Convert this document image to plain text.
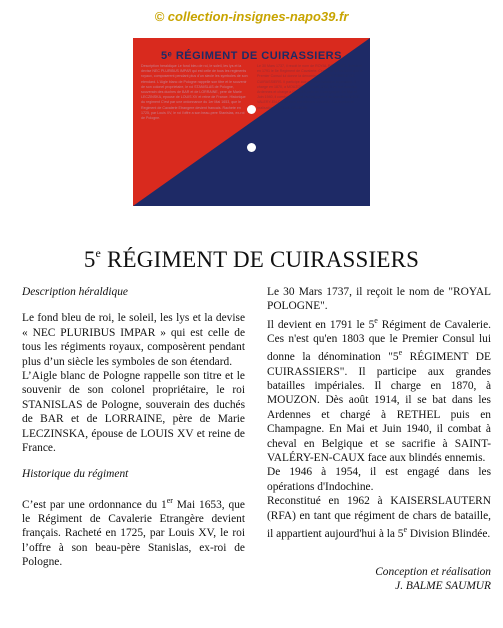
© collection-insignes-napo39.fr
5ᵉ RÉGIMENT DE CUIRASSIERS
Description heraldique Le fond bleu de roi, le soleil, les lys et la devise NEC PLURIBUS IMPAR qui est celle de tous les regiments royaux, composerent pendant plus d'un siecle les symboles de son etendard. L'Aigle blanc de Pologne rappelle son titre et le souvenir de son colonel proprietaire, le roi STANISLAS de Pologne, souverain des duches de BAR et de LORRAINE, pere de Marie LECZINSKA, epouse de LOUIS XV et reine de France. Historique du regiment C'est par une ordonnance du 1er Mai 1653, que le Regiment de Cavalerie Etrangere devient francais. Rachete en 1725, par Louis XV, le roi l'offre a son beau-pere Stanislas, ex-roi de Pologne.
Le 30 Mars 1737, il recoit le nom de ROYAL POLOGNE. Il devient en 1791 le 5e Regiment de Cavalerie. Ces n'est qu'en 1803 que le Premier Consul lui donne la denomination 5e REGIMENT DE CUIRASSIERS. Il participe aux grandes batailles imperiales. Il charge en 1870, a MOUZON. Des aout 1914, il se bat dans les Ardennes et charge a RETHEL puis en Champagne. En Mai et Juin 1940, il combat a cheval en Belgique et se sacrifie a SAINT-VALERY-EN-CAUX face aux blindes ennemis. Conception et realisation J. BALME SAUMUR
5e RÉGIMENT DE CUIRASSIERS

Description héraldique

Le fond bleu de roi, le soleil, les lys et la devise « NEC PLURIBUS IMPAR » qui est celle de tous les régiments royaux, composèrent pendant plus d’un siècle les symboles de son étendard.

L’Aigle blanc de Pologne rappelle son titre et le souvenir de son colonel propriétaire, le roi STANISLAS de Pologne, souverain des duchés de BAR et de LORRAINE, père de Marie LECZINSKA, épouse de LOUIS XV et reine de France.

Historique du régiment

C’est par une ordonnance du 1er Mai 1653, que le Régiment de Cavalerie Etrangère devient français. Racheté en 1725, par Louis XV, le roi l’offre à son beau-père Stanislas, ex-roi de Pologne.

Le 30 Mars 1737, il reçoit le nom de "ROYAL POLOGNE".

Il devient en 1791 le 5e Régiment de Cavalerie. Ces n'est qu'en 1803 que le Premier Consul lui donne la dénomination "5e RÉGIMENT DE CUIRASSIERS". Il participe aux grandes batailles impériales. Il charge en 1870, à MOUZON. Dès août 1914, il se bat dans les Ardennes et chargé à RETHEL puis en Champagne. En Mai et Juin 1940, il combat à cheval en Belgique et se sacrifie à SAINT-VALÉRY-EN-CAUX face aux blindés ennemis.

De 1946 à 1954, il est engagé dans les opérations d'Indochine.

Reconstitué en 1962 à KAISERSLAUTERN (RFA) en tant que régiment de chars de bataille, il appartient aujourd'hui à la 5e Division Blindée.

Conception et réalisation
J. BALME SAUMUR
